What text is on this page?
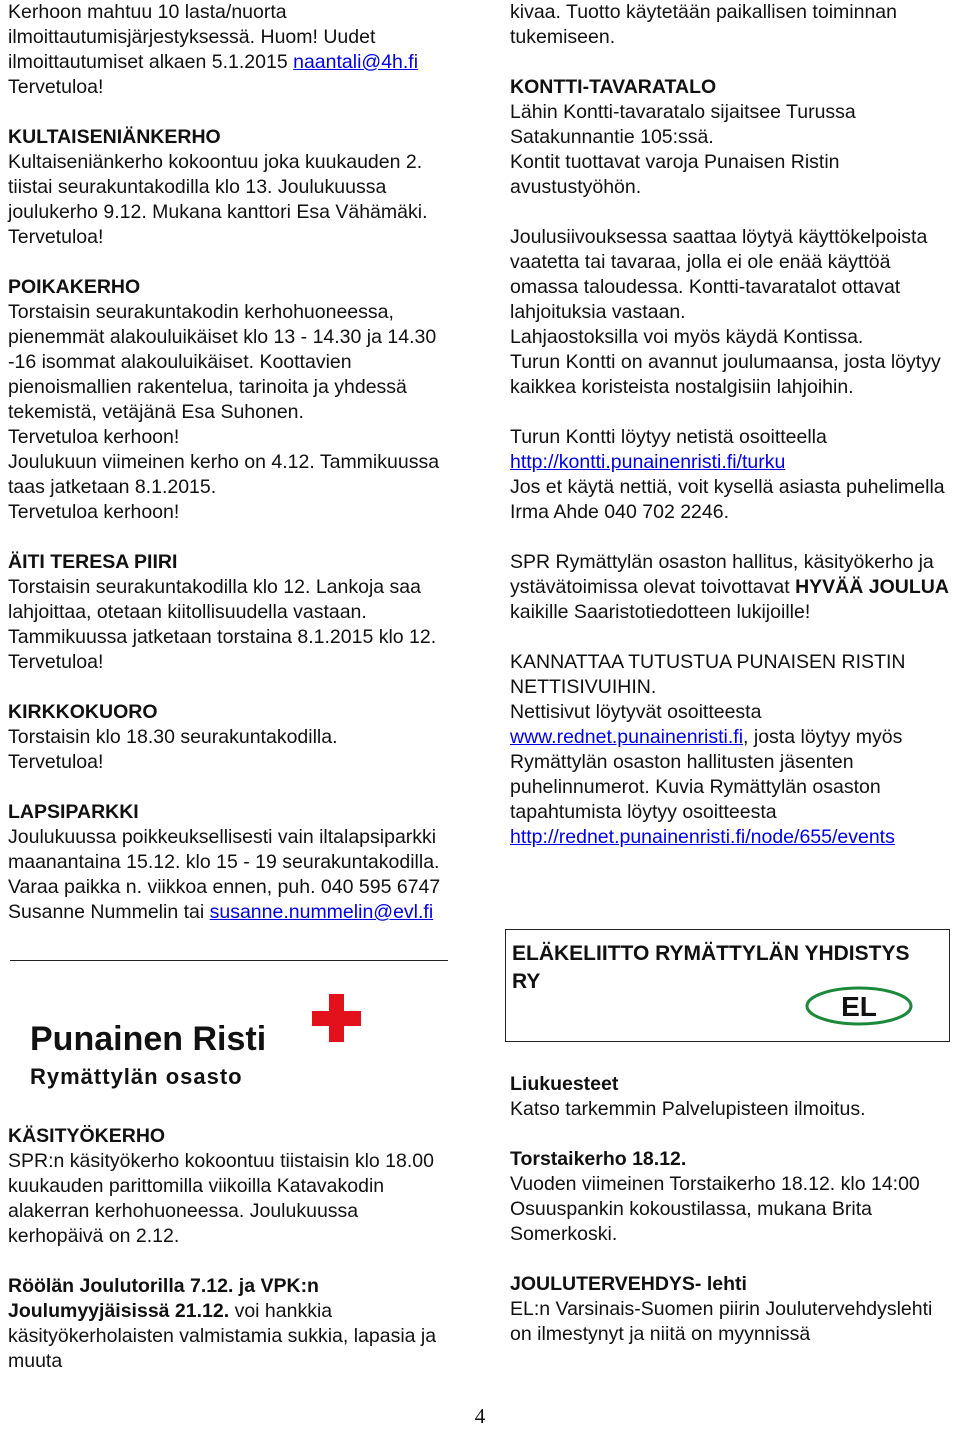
Kerhoon mahtuu 10 lasta/nuorta ilmoittautumisjärjestyksessä. Huom! Uudet ilmoittautumiset alkaen 5.1.2015 naantali@4h.fi

Tervetuloa!

KULTAISENIÄNKERHO

Kultaiseniänkerho kokoontuu joka kuukauden 2. tiistai seurakuntakodilla klo 13. Joulukuussa joulukerho 9.12. Mukana kanttori Esa Vähämäki. Tervetuloa!

POIKAKERHO

Torstaisin seurakuntakodin kerhohuoneessa, pienemmät alakouluikäiset klo 13 - 14.30 ja 14.30 -16 isommat alakouluikäiset. Koottavien pienoismallien rakentelua, tarinoita ja yhdessä tekemistä, vetäjänä Esa Suhonen.

Tervetuloa kerhoon!

Joulukuun viimeinen kerho on 4.12. Tammikuussa taas jatketaan 8.1.2015.

Tervetuloa kerhoon!

ÄITI TERESA PIIRI

Torstaisin seurakuntakodilla klo 12. Lankoja saa lahjoittaa, otetaan kiitollisuudella vastaan. Tammikuussa jatketaan torstaina 8.1.2015 klo 12. Tervetuloa!

KIRKKOKUORO

Torstaisin klo 18.30 seurakuntakodilla.

Tervetuloa!

LAPSIPARKKI

Joulukuussa poikkeuksellisesti vain iltalapsiparkki maanantaina 15.12. klo 15 - 19 seurakuntakodilla. Varaa paikka n. viikkoa ennen, puh. 040 595 6747 Susanne Nummelin tai susanne.nummelin@evl.fi

Punainen Risti
Rymättylän osasto

KÄSITYÖKERHO

SPR:n käsityökerho kokoontuu tiistaisin klo 18.00 kuukauden parittomilla viikoilla Katavakodin alakerran kerhohuoneessa. Joulukuussa kerhopäivä on 2.12.

Röölän Joulutorilla 7.12. ja VPK:n Joulumyyjäisissä 21.12. voi hankkia käsityökerholaisten valmistamia sukkia, lapasia ja muuta

kivaa. Tuotto käytetään paikallisen toiminnan tukemiseen.

KONTTI-TAVARATALO

Lähin Kontti-tavaratalo sijaitsee Turussa Satakunnantie 105:ssä.

Kontit tuottavat varoja Punaisen Ristin avustustyöhön.

Joulusiivouksessa saattaa löytyä käyttökelpoista vaatetta tai tavaraa, jolla ei ole enää käyttöä omassa taloudessa. Kontti-tavaratalot ottavat lahjoituksia vastaan.

Lahjaostoksilla voi myös käydä Kontissa.

Turun Kontti on avannut joulumaansa, josta löytyy kaikkea koristeista nostalgisiin lahjoihin.

Turun Kontti löytyy netistä osoitteella

http://kontti.punainenristi.fi/turku

Jos et käytä nettiä, voit kysellä asiasta puhelimella Irma Ahde 040 702 2246.

SPR Rymättylän osaston hallitus, käsityökerho ja ystävätoimissa olevat toivottavat HYVÄÄ JOULUA kaikille Saaristotiedotteen lukijoille!

KANNATTAA TUTUSTUA PUNAISEN RISTIN NETTISIVUIHIN.

Nettisivut löytyvät osoitteesta

www.rednet.punainenristi.fi, josta löytyy myös Rymättylän osaston hallitusten jäsenten puhelinnumerot. Kuvia Rymättylän osaston tapahtumista löytyy osoitteesta http://rednet.punainenristi.fi/node/655/events

ELÄKELIITTO RYMÄTTYLÄN YHDISTYS RY
EL

Liukuesteet

Katso tarkemmin Palvelupisteen ilmoitus.

Torstaikerho 18.12.

Vuoden viimeinen Torstaikerho 18.12. klo 14:00 Osuuspankin kokoustilassa, mukana Brita Somerkoski.

JOULUTERVEHDYS- lehti

EL:n Varsinais-Suomen piirin Joulutervehdyslehti on ilmestynyt ja niitä on myynnissä

4
